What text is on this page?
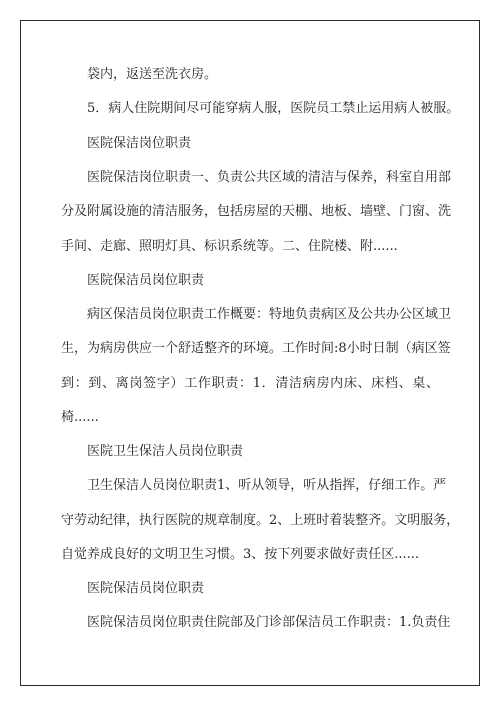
袋内，返送至洗衣房。
5．病人住院期间尽可能穿病人服，医院员工禁止运用病人被服。
医院保洁岗位职责
医院保洁岗位职责一、负责公共区域的清洁与保养，科室自用部
分及附属设施的清洁服务，包括房屋的天棚、地板、墙壁、门窗、洗
手间、走廊、照明灯具、标识系统等。二、住院楼、附......
医院保洁员岗位职责
病区保洁员岗位职责工作概要：特地负责病区及公共办公区域卫
生，为病房供应一个舒适整齐的环境。工作时间:8小时日制（病区签
到：到、离岗签字）工作职责：1．清洁病房内床、床档、桌、
椅......
医院卫生保洁人员岗位职责
卫生保洁人员岗位职责1、听从领导，听从指挥，仔细工作。严
守劳动纪律，执行医院的规章制度。2、上班时着装整齐。文明服务，
自觉养成良好的文明卫生习惯。3、按下列要求做好责任区......
医院保洁员岗位职责
医院保洁员岗位职责住院部及门诊部保洁员工作职责：1.负责住
